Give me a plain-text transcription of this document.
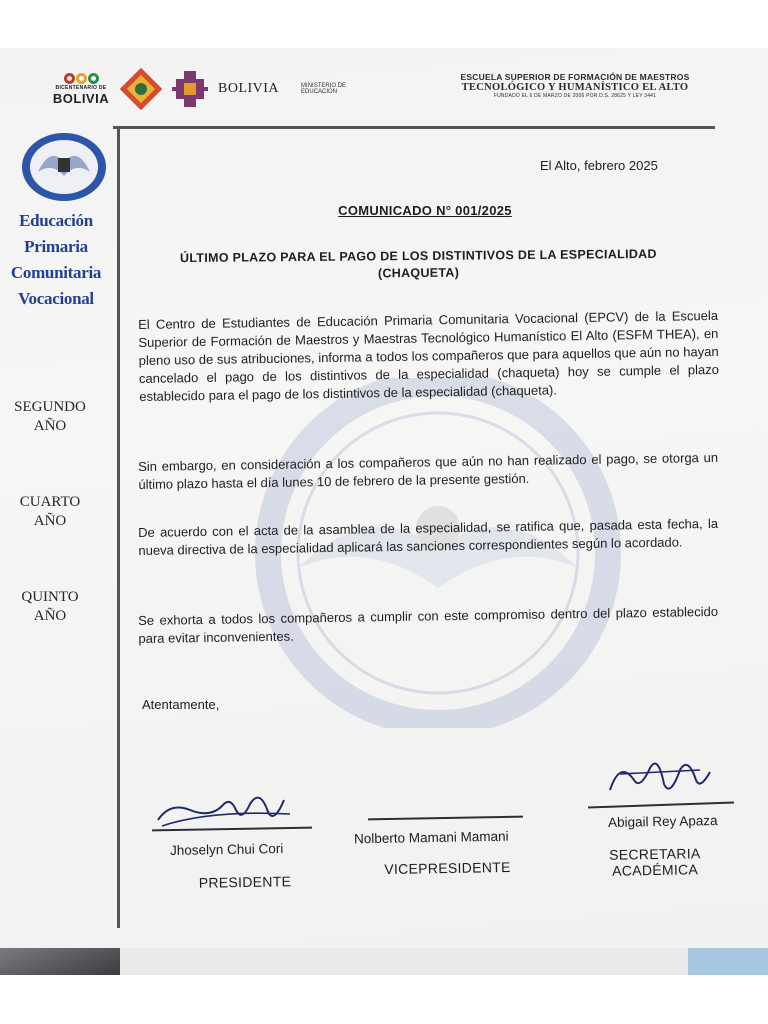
BICENTENARIO DE
BOLIVIA
BOLIVIA	MINISTERIO DE EDUCACIÓN
ESCUELA SUPERIOR DE FORMACIÓN DE MAESTROS
TECNOLÓGICO Y HUMANÍSTICO EL ALTO
FUNDADO EL 6 DE MARZO DE 2006 POR D.S. 28625 Y LEY 3441
Educación
Primaria
Comunitaria
Vocacional
SEGUNDO
AÑO
CUARTO
AÑO
QUINTO
AÑO
El Alto, febrero 2025
COMUNICADO N° 001/2025
ÚLTIMO PLAZO PARA EL PAGO DE LOS DISTINTIVOS DE LA ESPECIALIDAD
(CHAQUETA)
El Centro de Estudiantes de Educación Primaria Comunitaria Vocacional (EPCV) de la Escuela Superior de Formación de Maestros y Maestras Tecnológico Humanístico El Alto (ESFM THEA), en pleno uso de sus atribuciones, informa a todos los compañeros que para aquellos que aún no hayan cancelado el pago de los distintivos de la especialidad (chaqueta) hoy se cumple el plazo establecido para el pago de los distintivos de la especialidad (chaqueta).
Sin embargo, en consideración a los compañeros que aún no han realizado el pago, se otorga un último plazo hasta el día lunes 10 de febrero de la presente gestión.
De acuerdo con el acta de la asamblea de la especialidad, se ratifica que, pasada esta fecha, la nueva directiva de la especialidad aplicará las sanciones correspondientes según lo acordado.
Se exhorta a todos los compañeros a cumplir con este compromiso dentro del plazo establecido para evitar inconvenientes.
Atentamente,
Jhoselyn Chui Cori
PRESIDENTE
Nolberto Mamani Mamani
VICEPRESIDENTE
Abigail Rey Apaza
SECRETARIA
ACADÉMICA
